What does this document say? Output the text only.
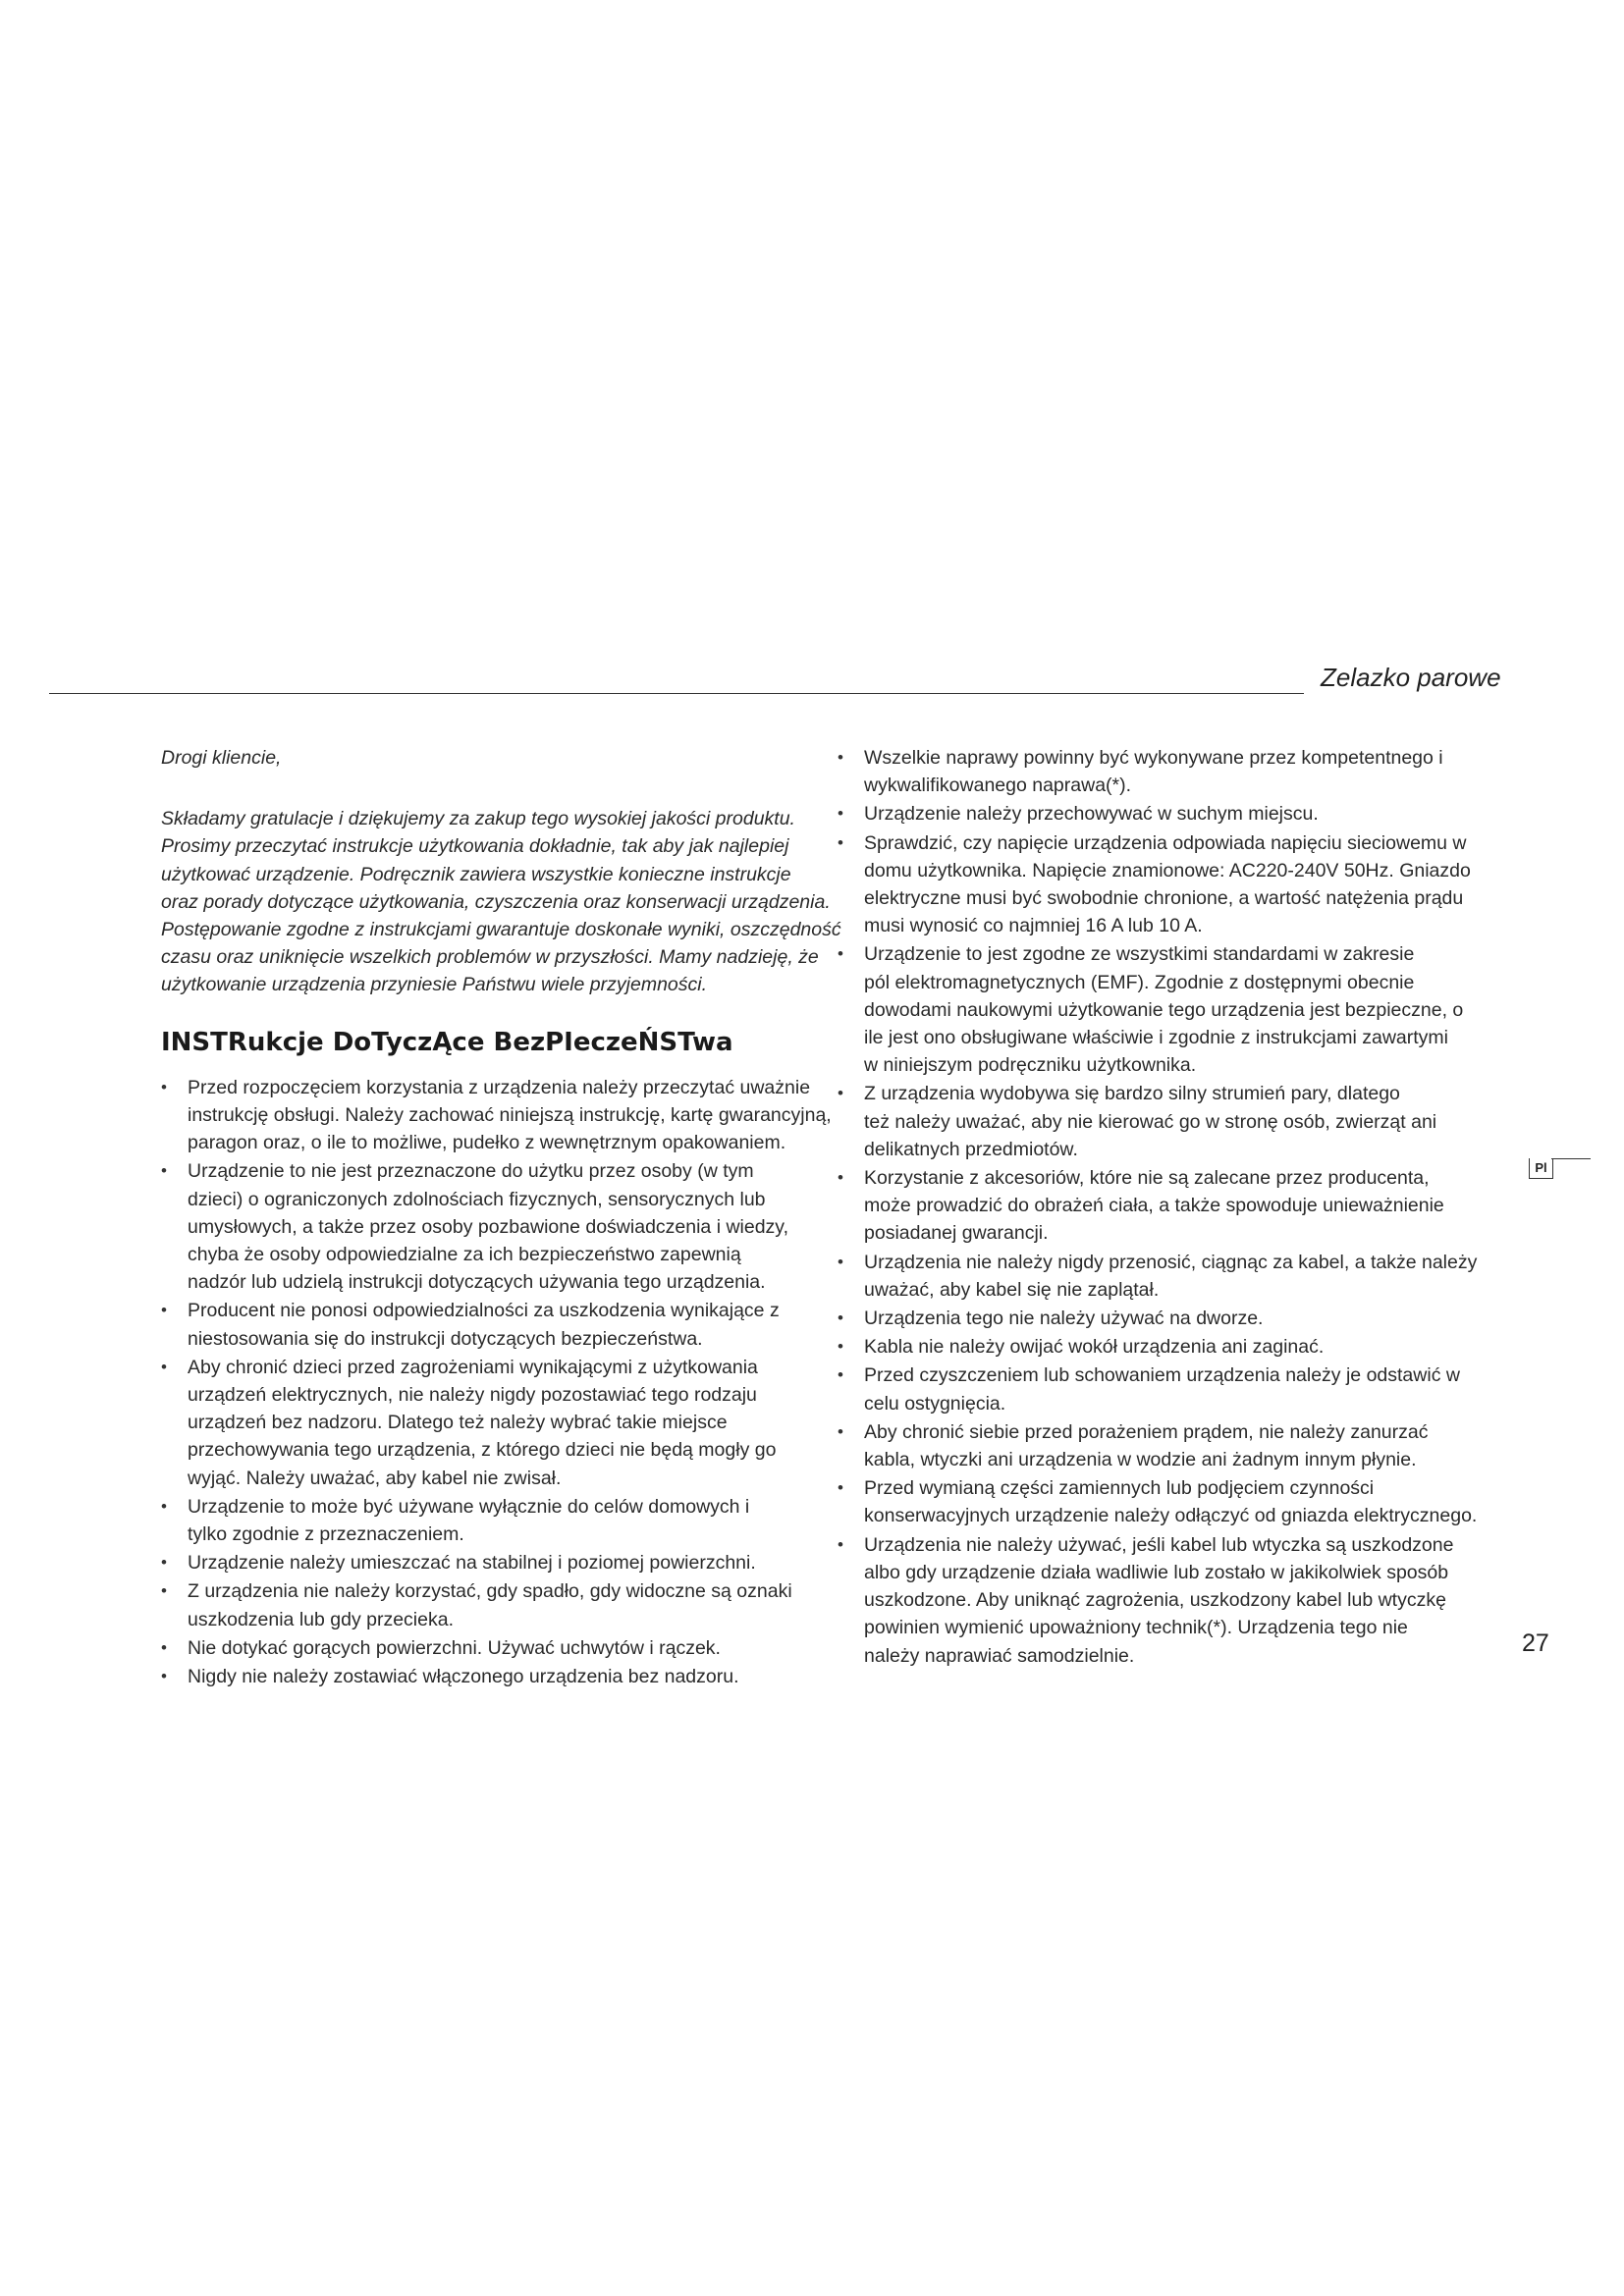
Zelazko parowe

Drogi kliencie,

Składamy gratulacje i dziękujemy za zakup tego wysokiej jakości produktu.

Prosimy przeczytać instrukcje użytkowania dokładnie, tak aby jak najlepiej

użytkować urządzenie. Podręcznik zawiera wszystkie konieczne instrukcje

oraz porady dotyczące użytkowania, czyszczenia oraz konserwacji urządzenia.

Postępowanie zgodne z instrukcjami gwarantuje doskonałe wyniki, oszczędność

czasu oraz uniknięcie wszelkich problemów w przyszłości. Mamy nadzieję, że

użytkowanie urządzenia przyniesie Państwu wiele przyjemności.

INSTRukcje DoTyczĄce BezPIeczeŃSTwa
• Przed rozpoczęciem korzystania z urządzenia należy przeczytać uważnie
instrukcję obsługi. Należy zachować niniejszą instrukcję, kartę gwarancyjną,
paragon oraz, o ile to możliwe, pudełko z wewnętrznym opakowaniem.
• Urządzenie to nie jest przeznaczone do użytku przez osoby (w tym
dzieci) o ograniczonych zdolnościach fizycznych, sensorycznych lub
umysłowych, a także przez osoby pozbawione doświadczenia i wiedzy,
chyba że osoby odpowiedzialne za ich bezpieczeństwo zapewnią
nadzór lub udzielą instrukcji dotyczących używania tego urządzenia.
• Producent nie ponosi odpowiedzialności za uszkodzenia wynikające z
niestosowania się do instrukcji dotyczących bezpieczeństwa.
• Aby chronić dzieci przed zagrożeniami wynikającymi z użytkowania
urządzeń elektrycznych, nie należy nigdy pozostawiać tego rodzaju
urządzeń bez nadzoru. Dlatego też należy wybrać takie miejsce
przechowywania tego urządzenia, z którego dzieci nie będą mogły go
wyjąć. Należy uważać, aby kabel nie zwisał.
• Urządzenie to może być używane wyłącznie do celów domowych i
tylko zgodnie z przeznaczeniem.
• Urządzenie należy umieszczać na stabilnej i poziomej powierzchni.
• Z urządzenia nie należy korzystać, gdy spadło, gdy widoczne są oznaki
uszkodzenia lub gdy przecieka.
• Nie dotykać gorących powierzchni. Używać uchwytów i rączek.
• Nigdy nie należy zostawiać włączonego urządzenia bez nadzoru.
• Wszelkie naprawy powinny być wykonywane przez kompetentnego i
wykwalifikowanego naprawa(*).
• Urządzenie należy przechowywać w suchym miejscu.
• Sprawdzić, czy napięcie urządzenia odpowiada napięciu sieciowemu w
domu użytkownika. Napięcie znamionowe: AC220-240V 50Hz. Gniazdo
elektryczne musi być swobodnie chronione, a wartość natężenia prądu
musi wynosić co najmniej 16 A lub 10 A.
• Urządzenie to jest zgodne ze wszystkimi standardami w zakresie
pól elektromagnetycznych (EMF). Zgodnie z dostępnymi obecnie
dowodami naukowymi użytkowanie tego urządzenia jest bezpieczne, o
ile jest ono obsługiwane właściwie i zgodnie z instrukcjami zawartymi
w niniejszym podręczniku użytkownika.
• Z urządzenia wydobywa się bardzo silny strumień pary, dlatego
też należy uważać, aby nie kierować go w stronę osób, zwierząt ani
delikatnych przedmiotów.
• Korzystanie z akcesoriów, które nie są zalecane przez producenta,
może prowadzić do obrażeń ciała, a także spowoduje unieważnienie
posiadanej gwarancji.
• Urządzenia nie należy nigdy przenosić, ciągnąc za kabel, a także należy
uważać, aby kabel się nie zaplątał.
• Urządzenia tego nie należy używać na dworze.
• Kabla nie należy owijać wokół urządzenia ani zaginać.
• Przed czyszczeniem lub schowaniem urządzenia należy je odstawić w
celu ostygnięcia.
• Aby chronić siebie przed porażeniem prądem, nie należy zanurzać
kabla, wtyczki ani urządzenia w wodzie ani żadnym innym płynie.
• Przed wymianą części zamiennych lub podjęciem czynności
konserwacyjnych urządzenie należy odłączyć od gniazda elektrycznego.
• Urządzenia nie należy używać, jeśli kabel lub wtyczka są uszkodzone
albo gdy urządzenie działa wadliwie lub zostało w jakikolwiek sposób
uszkodzone. Aby uniknąć zagrożenia, uszkodzony kabel lub wtyczkę
powinien wymienić upoważniony technik(*). Urządzenia tego nie
należy naprawiać samodzielnie.
Pl
27
